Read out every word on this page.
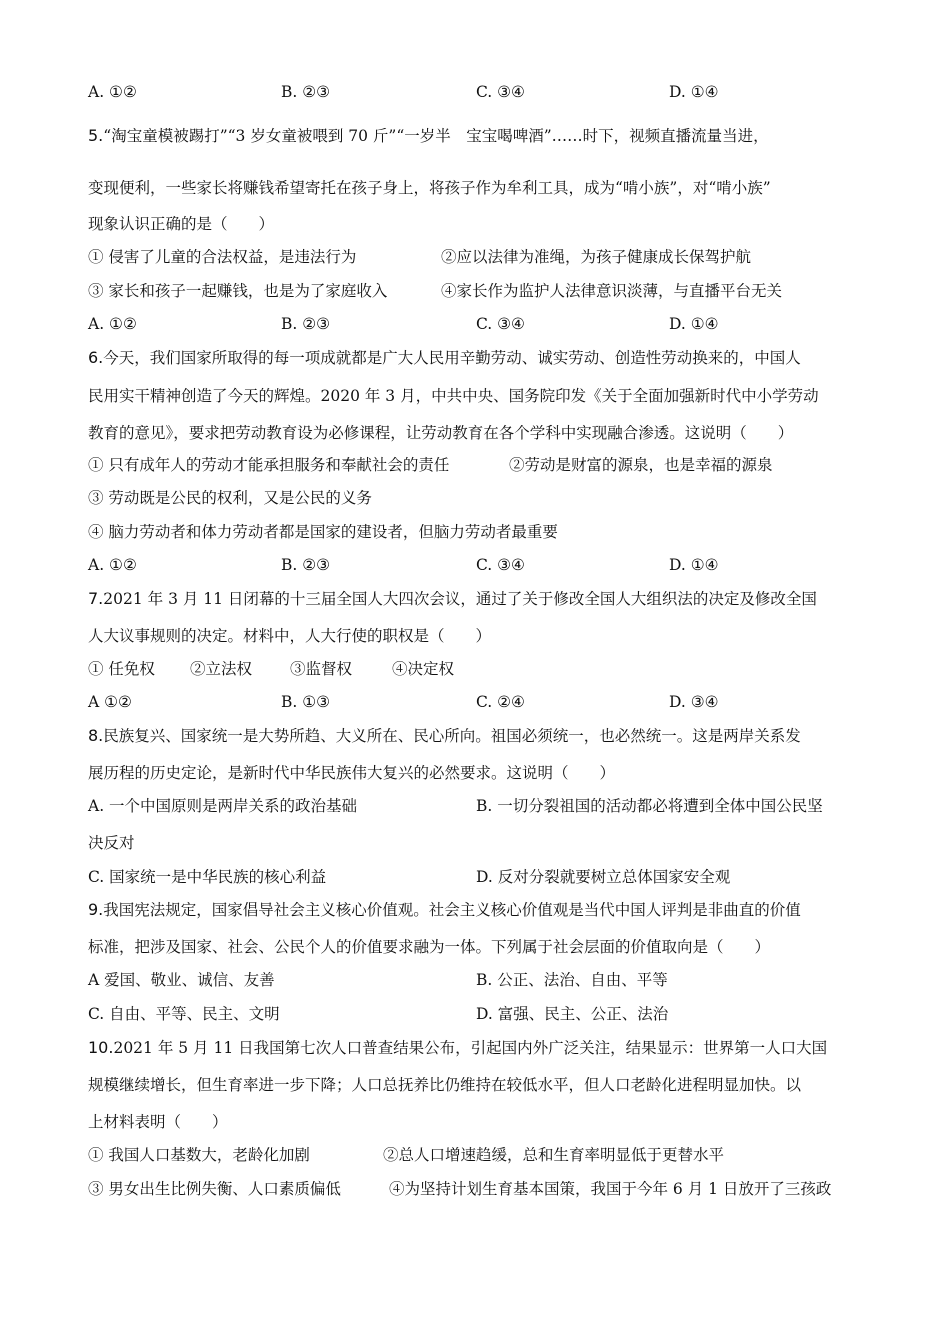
A. ①②	B. ②③	C. ③④	D. ①④
5.“淘宝童模被踢打”“3 岁女童被喂到 70 斤”“一岁半　宝宝喝啤酒”……时下，视频直播流量当进，
变现便利，一些家长将赚钱希望寄托在孩子身上，将孩子作为牟利工具，成为“啃小族”，对“啃小族”
现象认识正确的是（　　）
① 侵害了儿童的合法权益，是违法行为	②应以法律为准绳，为孩子健康成长保驾护航
③ 家长和孩子一起赚钱，也是为了家庭收入	④家长作为监护人法律意识淡薄，与直播平台无关
A. ①②	B. ②③	C. ③④	D. ①④
6.今天，我们国家所取得的每一项成就都是广大人民用辛勤劳动、诚实劳动、创造性劳动换来的，中国人
民用实干精神创造了今天的辉煌。2020 年 3 月，中共中央、国务院印发《关于全面加强新时代中小学劳动
教育的意见》，要求把劳动教育设为必修课程，让劳动教育在各个学科中实现融合渗透。这说明（　　）
① 只有成年人的劳动才能承担服务和奉献社会的责任	②劳动是财富的源泉，也是幸福的源泉
③ 劳动既是公民的权利，又是公民的义务
④ 脑力劳动者和体力劳动者都是国家的建设者，但脑力劳动者最重要
A. ①②	B. ②③	C. ③④	D. ①④
7.2021 年 3 月 11 日闭幕的十三届全国人大四次会议，通过了关于修改全国人大组织法的决定及修改全国
人大议事规则的决定。材料中，人大行使的职权是（　　）
① 任免权 ②立法权 ③监督权	④决定权
A ①②	B. ①③	C. ②④	D. ③④
8.民族复兴、国家统一是大势所趋、大义所在、民心所向。祖国必须统一，也必然统一。这是两岸关系发
展历程的历史定论，是新时代中华民族伟大复兴的必然要求。这说明（　　）
A. 一个中国原则是两岸关系的政治基础	B. 一切分裂祖国的活动都必将遭到全体中国公民坚
决反对
C. 国家统一是中华民族的核心利益	D. 反对分裂就要树立总体国家安全观
9.我国宪法规定，国家倡导社会主义核心价值观。社会主义核心价值观是当代中国人评判是非曲直的价值
标准，把涉及国家、社会、公民个人的价值要求融为一体。下列属于社会层面的价值取向是（　　）
A 爱国、敬业、诚信、友善	B. 公正、法治、自由、平等
C. 自由、平等、民主、文明	D. 富强、民主、公正、法治
10.2021 年 5 月 11 日我国第七次人口普查结果公布，引起国内外广泛关注，结果显示：世界第一人口大国
规模继续增长，但生育率进一步下降；人口总抚养比仍维持在较低水平，但人口老龄化进程明显加快。以
上材料表明（　　）
① 我国人口基数大，老龄化加剧	②总人口增速趋缓，总和生育率明显低于更替水平
③ 男女出生比例失衡、人口素质偏低	④为坚持计划生育基本国策，我国于今年 6 月 1 日放开了三孩政
